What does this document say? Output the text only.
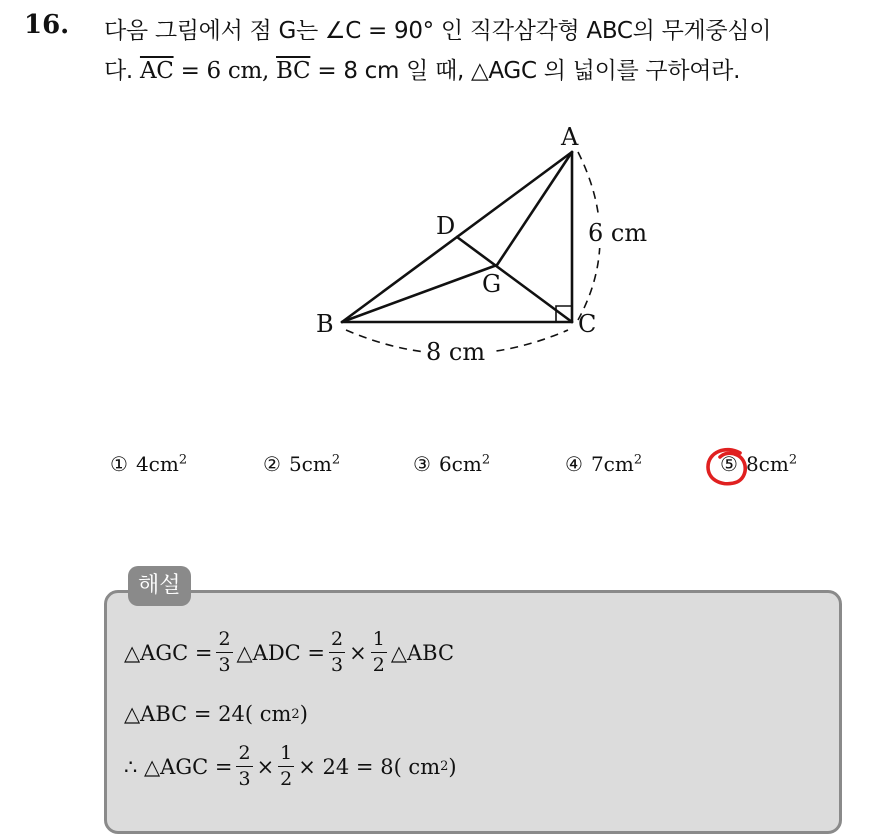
16. 다음 그림에서 점 G는 ∠C = 90° 인 직각삼각형 ABC의 무게중심이
다. $\overline{AC} = 6$ cm, $\overline{BC} = 8$ cm 일 때, △AGC 의 넓이를 구하여라.
A
B	C
D
G
6 cm
8 cm
① $4cm^2$	② $5cm^2$	③ $6cm^2$	④ $7cm^2$	⑤ $8cm^2$
해설
△AGC = $\frac{2}{3}$ △ADC = $\frac{2}{3} \times \frac{1}{2}$ △ABC
△ABC = 24( cm 2 )
∴ △AGC = $\frac{2}{3} \times \frac{1}{2} \times 24 = 8$( cm 2 )
